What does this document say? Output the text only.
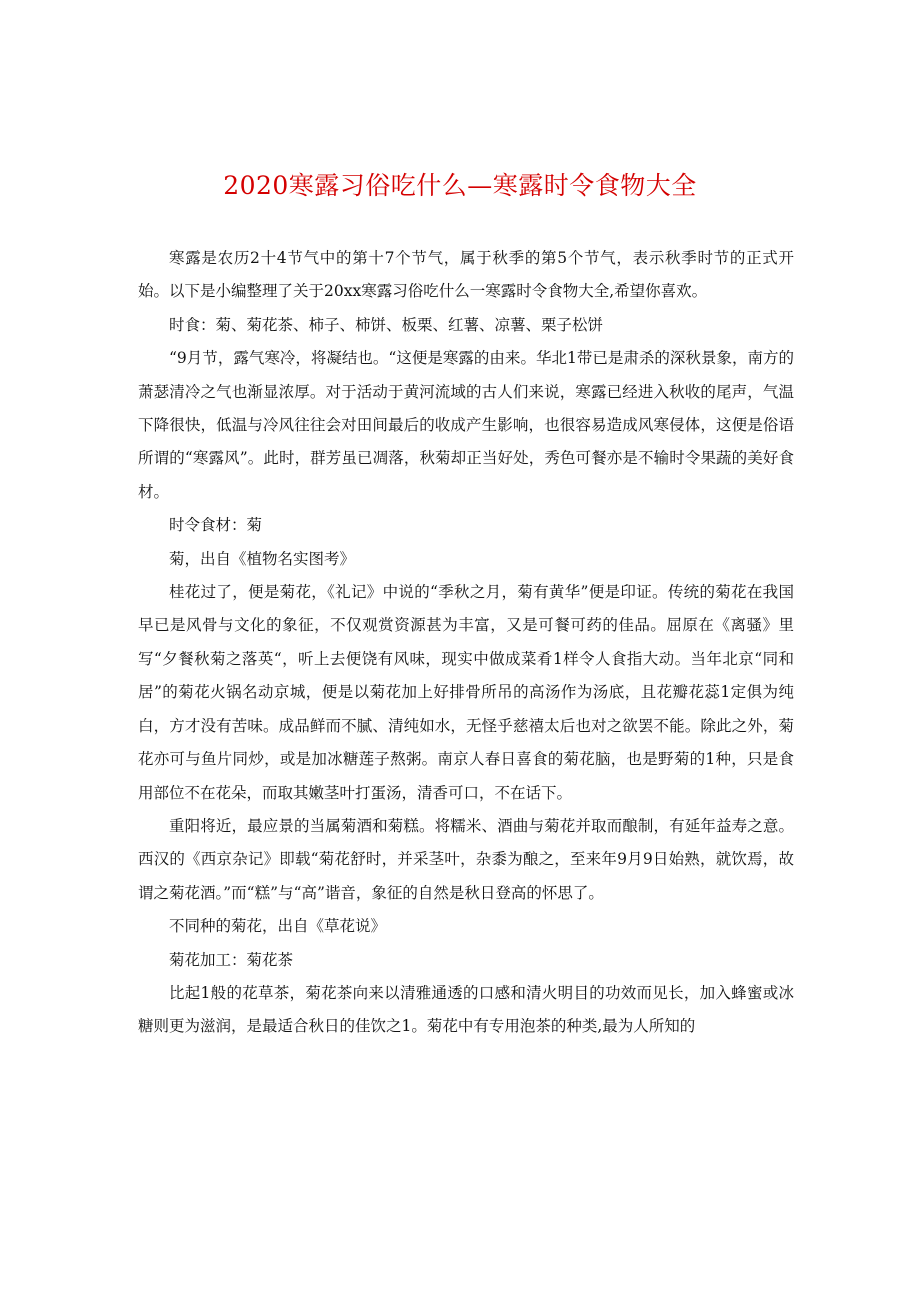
2020寒露习俗吃什么—寒露时令食物大全

寒露是农历2十4节气中的第十7个节气，属于秋季的第5个节气，表示秋季时节的正式开始。以下是小编整理了关于20xx寒露习俗吃什么一寒露时令食物大全,希望你喜欢。

时食：菊、菊花茶、柿子、柿饼、板栗、红薯、凉薯、栗子松饼

“9月节，露气寒冷，将凝结也。“这便是寒露的由来。华北1带已是肃杀的深秋景象，南方的萧瑟清冷之气也渐显浓厚。对于活动于黄河流域的古人们来说，寒露已经进入秋收的尾声，气温下降很快，低温与冷风往往会对田间最后的收成产生影响，也很容易造成风寒侵体，这便是俗语所谓的“寒露风”。此时，群芳虽已凋落，秋菊却正当好处，秀色可餐亦是不输时令果蔬的美好食材。

时令食材：菊

菊，出自《植物名实图考》

桂花过了，便是菊花，《礼记》中说的“季秋之月，菊有黄华”便是印证。传统的菊花在我国早已是风骨与文化的象征，不仅观赏资源甚为丰富，又是可餐可药的佳品。屈原在《离骚》里写“夕餐秋菊之落英“，听上去便饶有风味，现实中做成菜肴1样令人食指大动。当年北京“同和居”的菊花火锅名动京城，便是以菊花加上好排骨所吊的高汤作为汤底，且花瓣花蕊1定俱为纯白，方才没有苦味。成品鲜而不腻、清纯如水，无怪乎慈禧太后也对之欲罢不能。除此之外，菊花亦可与鱼片同炒，或是加冰糖莲子熬粥。南京人春日喜食的菊花脑，也是野菊的1种，只是食用部位不在花朵，而取其嫩茎叶打蛋汤，清香可口，不在话下。

重阳将近，最应景的当属菊酒和菊糕。将糯米、酒曲与菊花并取而酿制，有延年益寿之意。西汉的《西京杂记》即载“菊花舒时，并采茎叶，杂黍为酿之，至来年9月9日始熟，就饮焉，故谓之菊花酒。”而“糕”与“高”谐音，象征的自然是秋日登高的怀思了。

不同种的菊花，出自《草花说》

菊花加工：菊花茶

比起1般的花草茶，菊花茶向来以清雅通透的口感和清火明目的功效而见长，加入蜂蜜或冰糖则更为滋润，是最适合秋日的佳饮之1。菊花中有专用泡茶的种类,最为人所知的
